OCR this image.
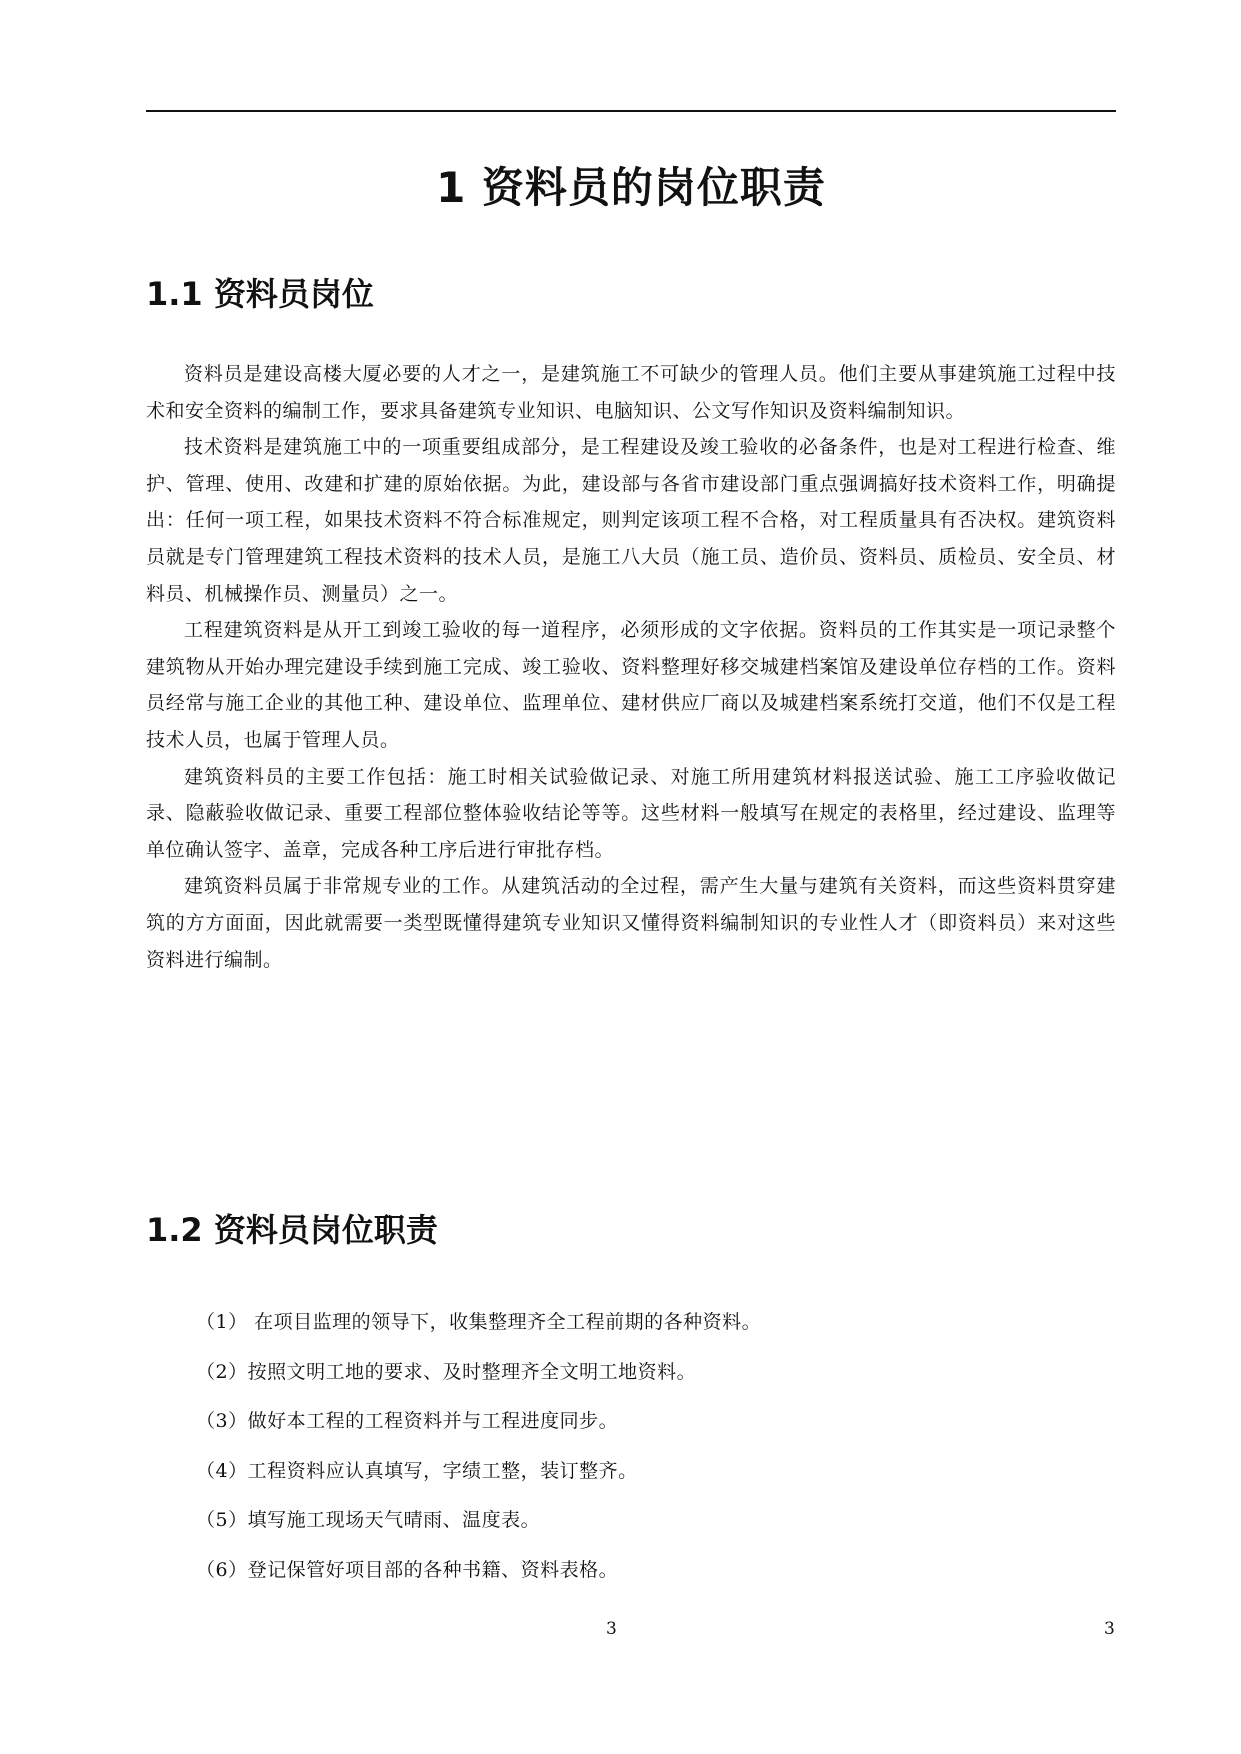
1 资料员的岗位职责
1.1 资料员岗位

资料员是建设高楼大厦必要的人才之一，是建筑施工不可缺少的管理人员。他们主要从事建筑施工过程中技术和安全资料的编制工作，要求具备建筑专业知识、电脑知识、公文写作知识及资料编制知识。

技术资料是建筑施工中的一项重要组成部分，是工程建设及竣工验收的必备条件，也是对工程进行检查、维护、管理、使用、改建和扩建的原始依据。为此，建设部与各省市建设部门重点强调搞好技术资料工作，明确提出：任何一项工程，如果技术资料不符合标准规定，则判定该项工程不合格，对工程质量具有否决权。建筑资料员就是专门管理建筑工程技术资料的技术人员，是施工八大员（施工员、造价员、资料员、质检员、安全员、材料员、机械操作员、测量员）之一。

工程建筑资料是从开工到竣工验收的每一道程序，必须形成的文字依据。资料员的工作其实是一项记录整个建筑物从开始办理完建设手续到施工完成、竣工验收、资料整理好移交城建档案馆及建设单位存档的工作。资料员经常与施工企业的其他工种、建设单位、监理单位、建材供应厂商以及城建档案系统打交道，他们不仅是工程技术人员，也属于管理人员。

建筑资料员的主要工作包括：施工时相关试验做记录、对施工所用建筑材料报送试验、施工工序验收做记录、隐蔽验收做记录、重要工程部位整体验收结论等等。这些材料一般填写在规定的表格里，经过建设、监理等单位确认签字、盖章，完成各种工序后进行审批存档。

建筑资料员属于非常规专业的工作。从建筑活动的全过程，需产生大量与建筑有关资料，而这些资料贯穿建筑的方方面面，因此就需要一类型既懂得建筑专业知识又懂得资料编制知识的专业性人才（即资料员）来对这些资料进行编制。

1.2 资料员岗位职责
（1） 在项目监理的领导下，收集整理齐全工程前期的各种资料。
（2）按照文明工地的要求、及时整理齐全文明工地资料。
（3）做好本工程的工程资料并与工程进度同步。
（4）工程资料应认真填写，字绩工整，装订整齐。
（5）填写施工现场天气晴雨、温度表。
（6）登记保管好项目部的各种书籍、资料表格。
3	3
